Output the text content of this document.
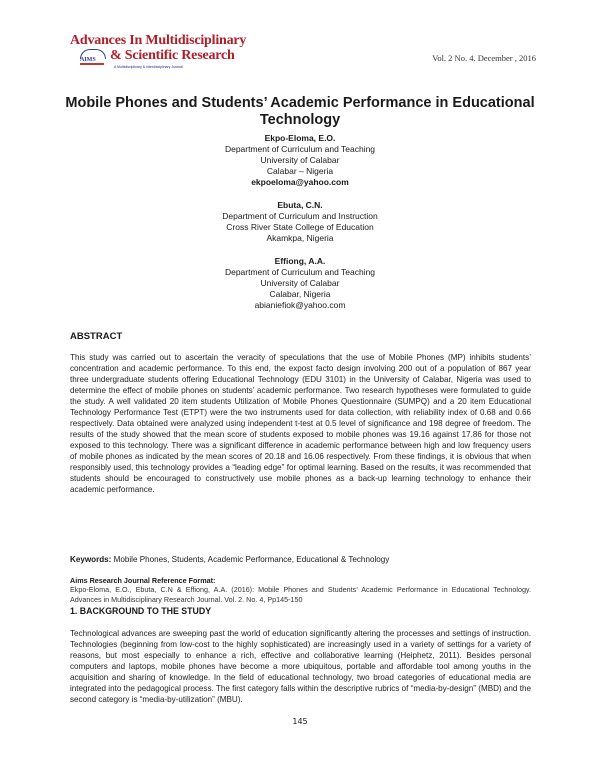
Advances In Multidisciplinary
AIMS & Scientific Research
A Multidisciplinary & Interdisciplinary Journal
Vol. 2 No. 4. December , 2016
Mobile Phones and Students’ Academic Performance in Educational Technology
Ekpo-Eloma, E.O.
Department of Curriculum and Teaching
University of Calabar
Calabar – Nigeria
ekpoeloma@yahoo.com
Ebuta, C.N.
Department of Curriculum and Instruction
Cross River State College of Education
Akamkpa, Nigeria
Effiong, A.A.
Department of Curriculum and Teaching
University of Calabar
Calabar, Nigeria
abianiefiok@yahoo.com
ABSTRACT
This study was carried out to ascertain the veracity of speculations that the use of Mobile Phones (MP) inhibits students’ concentration and academic performance. To this end, the expost facto design involving 200 out of a population of 867 year three undergraduate students offering Educational Technology (EDU 3101) in the University of Calabar, Nigeria was used to determine the effect of mobile phones on students’ academic performance. Two research hypotheses were formulated to guide the study. A well validated 20 item students Utilization of Mobile Phones Questionnaire (SUMPQ) and a 20 item Educational Technology Performance Test (ETPT) were the two instruments used for data collection, with reliability index of 0.68 and 0.66 respectively. Data obtained were analyzed using independent t-test at 0.5 level of significance and 198 degree of freedom. The results of the study showed that the mean score of students exposed to mobile phones was 19.16 against 17.86 for those not exposed to this technology. There was a significant difference in academic performance between high and low frequency users of mobile phones as indicated by the mean scores of 20.18 and 16.06 respectively. From these findings, it is obvious that when responsibly used, this technology provides a “leading edge” for optimal learning. Based on the results, it was recommended that students should be encouraged to constructively use mobile phones as a back-up learning technology to enhance their academic performance.
Keywords: Mobile Phones, Students, Academic Performance, Educational & Technology
Aims Research Journal Reference Format:
Ekpo-Eloma, E.O., Ebuta, C.N & Effiong, A.A. (2016): Mobile Phones and Students’ Academic Performance in Educational Technology. Advances in Multidisciplinary Research Journal. Vol. 2. No. 4, Pp145-150
1. BACKGROUND TO THE STUDY
Technological advances are sweeping past the world of education significantly altering the processes and settings of instruction. Technologies (beginning from low-cost to the highly sophisticated) are increasingly used in a variety of settings for a variety of reasons, but most especially to enhance a rich, effective and collaborative learning (Heiphetz, 2011). Besides personal computers and laptops, mobile phones have become a more ubiquitous, portable and affordable tool among youths in the acquisition and sharing of knowledge. In the field of educational technology, two broad categories of educational media are integrated into the pedagogical process. The first category falls within the descriptive rubrics of “media-by-design” (MBD) and the second category is “media-by-utilization” (MBU).
145
